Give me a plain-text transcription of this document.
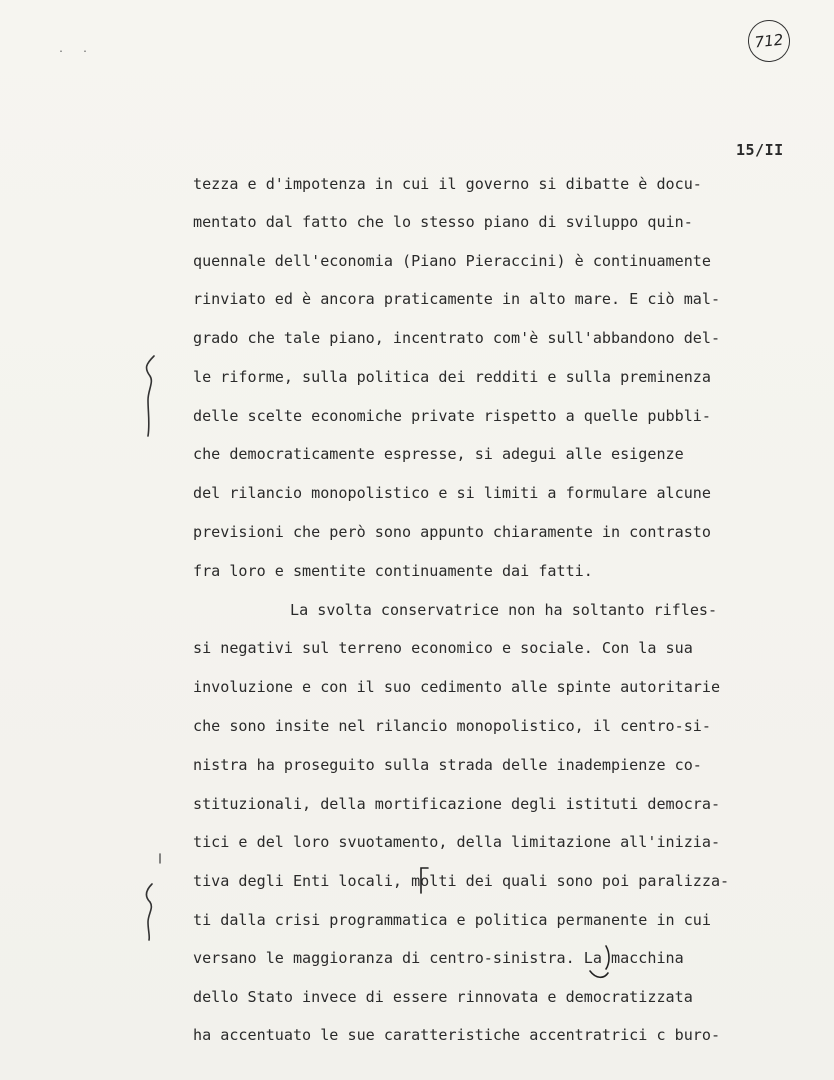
. .	712
15/II
tezza e d'impotenza in cui il governo si dibatte è docu-
mentato dal fatto che lo stesso piano di sviluppo quin-
quennale dell'economia (Piano Pieraccini) è continuamente
rinviato ed è ancora praticamente in alto mare. E ciò mal-
grado che tale piano, incentrato com'è sull'abbandono del-
le riforme, sulla politica dei redditi e sulla preminenza
delle scelte economiche private rispetto a quelle pubbli-
che democraticamente espresse, si adegui alle esigenze
del rilancio monopolistico e si limiti a formulare alcune
previsioni che però sono appunto chiaramente in contrasto
fra loro e smentite continuamente dai fatti.
La svolta conservatrice non ha soltanto rifles-
si negativi sul terreno economico e sociale. Con la sua
involuzione e con il suo cedimento alle spinte autoritarie
che sono insite nel rilancio monopolistico, il centro-si-
nistra ha proseguito sulla strada delle inadempienze co-
stituzionali, della mortificazione degli istituti democra-
tici e del loro svuotamento, della limitazione all'inizia-
tiva degli Enti locali, molti dei quali sono poi paralizza-
ti dalla crisi programmatica e politica permanente in cui
versano le maggioranza di centro-sinistra. La macchina
dello Stato invece di essere rinnovata e democratizzata
ha accentuato le sue caratteristiche accentratrici c buro-
